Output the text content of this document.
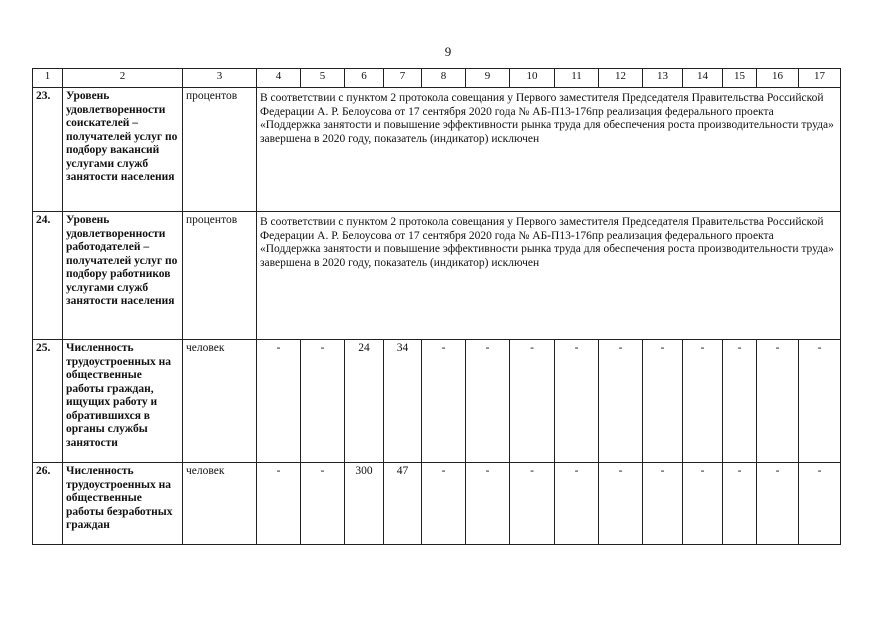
9
1	2	3	4	5	6	7	8	9	10	11	12	13	14	15	16	17
23.	Уровень удовлетворенности соискателей – получателей услуг по подбору вакансий услугами служб занятости населения	процентов	В соответствии с пунктом 2 протокола совещания у Первого заместителя Председателя Правительства Российской Федерации А. Р. Белоусова от 17 сентября 2020 года № АБ-П13-176пр реализация федерального проекта «Поддержка занятости и повышение эффективности рынка труда для обеспечения роста производительности труда» завершена в 2020 году, показатель (индикатор) исключен													
24.	Уровень удовлетворенности работодателей – получателей услуг по подбору работников услугами служб занятости населения	процентов	В соответствии с пунктом 2 протокола совещания у Первого заместителя Председателя Правительства Российской Федерации А. Р. Белоусова от 17 сентября 2020 года № АБ-П13-176пр реализация федерального проекта «Поддержка занятости и повышение эффективности рынка труда для обеспечения роста производительности труда» завершена в 2020 году, показатель (индикатор) исключен													
25.	Численность трудоустроенных на общественные работы граждан, ищущих работу и обратившихся в органы службы занятости	человек	-	-	24	34	-	-	-	-	-	-	-	-	-	-
26.	Численность трудоустроенных на общественные работы безработных граждан	человек	-	-	300	47	-	-	-	-	-	-	-	-	-	-
